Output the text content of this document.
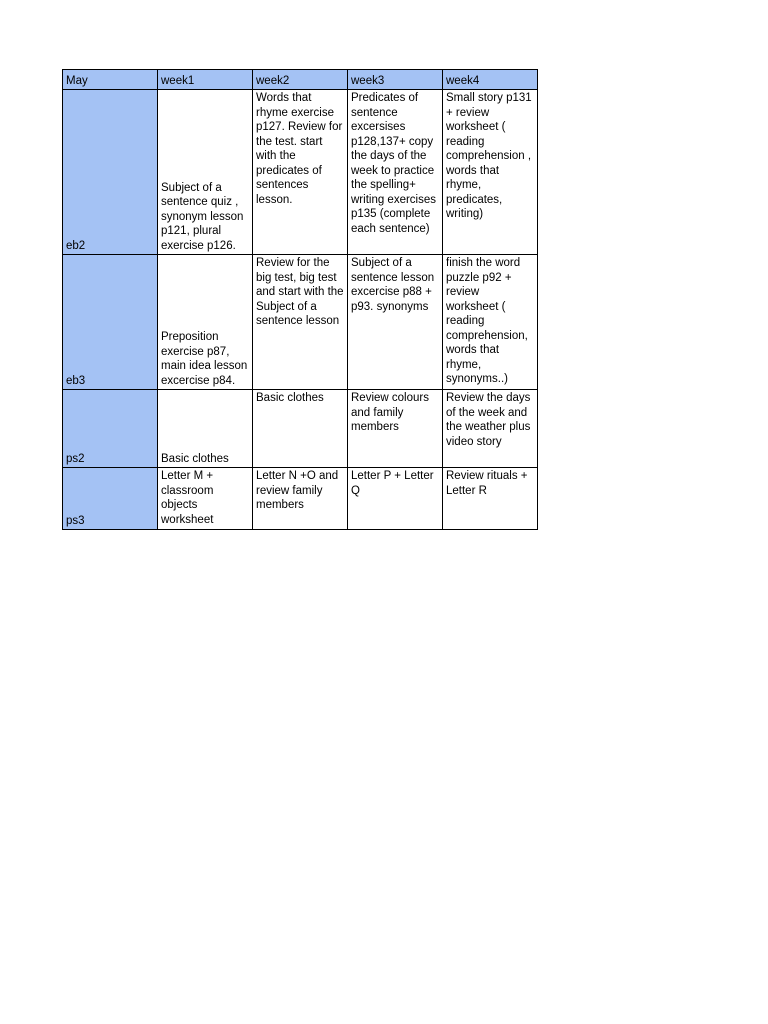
May	week1	week2	week3	week4
eb2	Subject of a sentence quiz , synonym lesson p121, plural exercise p126.	Words that rhyme exercise p127. Review for the test. start with the predicates of sentences lesson.	Predicates of sentence excersises p128,137+ copy the days of the week to practice the spelling+ writing exercises p135 (complete each sentence)	Small story p131 + review worksheet ( reading comprehension , words that rhyme, predicates, writing)
eb3	Preposition exercise p87, main idea lesson excercise p84.	Review for the big test, big test and start with the Subject of a sentence lesson	Subject of a sentence lesson excercise p88 + p93. synonyms	finish the word puzzle p92 + review worksheet ( reading comprehension, words that rhyme, synonyms..)
ps2	Basic clothes	Basic clothes	Review colours and family members	Review the days of the week and the weather plus video story
ps3	Letter M + classroom objects worksheet	Letter N +O and review family members	Letter P + Letter Q	Review rituals + Letter R
